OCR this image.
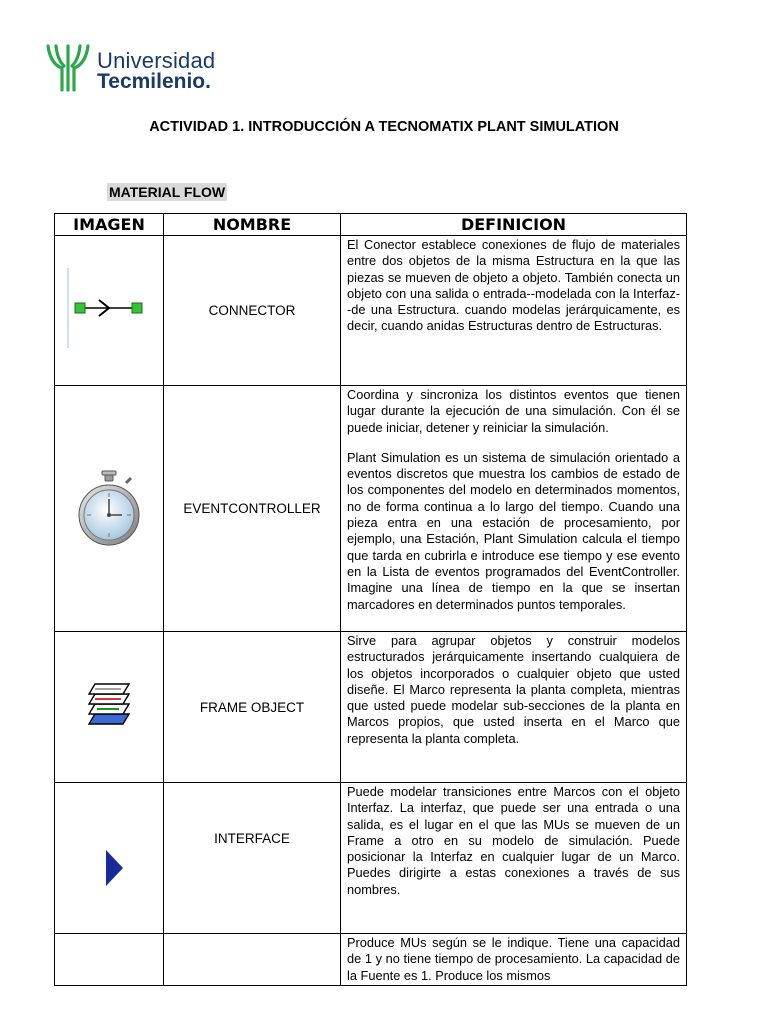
Universidad
Tecmilenio.
ACTIVIDAD 1. INTRODUCCIÓN A TECNOMATIX PLANT SIMULATION
MATERIAL FLOW
IMAGEN	NOMBRE	DEFINICION

	CONNECTOR	El Conector establece conexiones de flujo de materiales entre dos objetos de la misma Estructura en la que las piezas se mueven de objeto a objeto. También conecta un objeto con una salida o entrada--modelada con la Interfaz--de una Estructura. cuando modelas jerárquicamente, es decir, cuando anidas Estructuras dentro de Estructuras.

	EVENTCONTROLLER	Coordina y sincroniza los distintos eventos que tienen lugar durante la ejecución de una simulación. Con él se puede iniciar, detener y reiniciar la simulación.

Plant Simulation es un sistema de simulación orientado a eventos discretos que muestra los cambios de estado de los componentes del modelo en determinados momentos, no de forma continua a lo largo del tiempo. Cuando una pieza entra en una estación de procesamiento, por ejemplo, una Estación, Plant Simulation calcula el tiempo que tarda en cubrirla e introduce ese tiempo y ese evento en la Lista de eventos programados del EventController. Imagine una línea de tiempo en la que se insertan marcadores en determinados puntos temporales.

	FRAME OBJECT	Sirve para agrupar objetos y construir modelos estructurados jerárquicamente insertando cualquiera de los objetos incorporados o cualquier objeto que usted diseñe. El Marco representa la planta completa, mientras que usted puede modelar sub-secciones de la planta en Marcos propios, que usted inserta en el Marco que representa la planta completa.

	INTERFACE	Puede modelar transiciones entre Marcos con el objeto Interfaz. La interfaz, que puede ser una entrada o una salida, es el lugar en el que las MUs se mueven de un Frame a otro en su modelo de simulación. Puede posicionar la Interfaz en cualquier lugar de un Marco. Puedes dirigirte a estas conexiones a través de sus nombres.

		Produce MUs según se le indique. Tiene una capacidad de 1 y no tiene tiempo de procesamiento. La capacidad de la Fuente es 1. Produce los mismos
